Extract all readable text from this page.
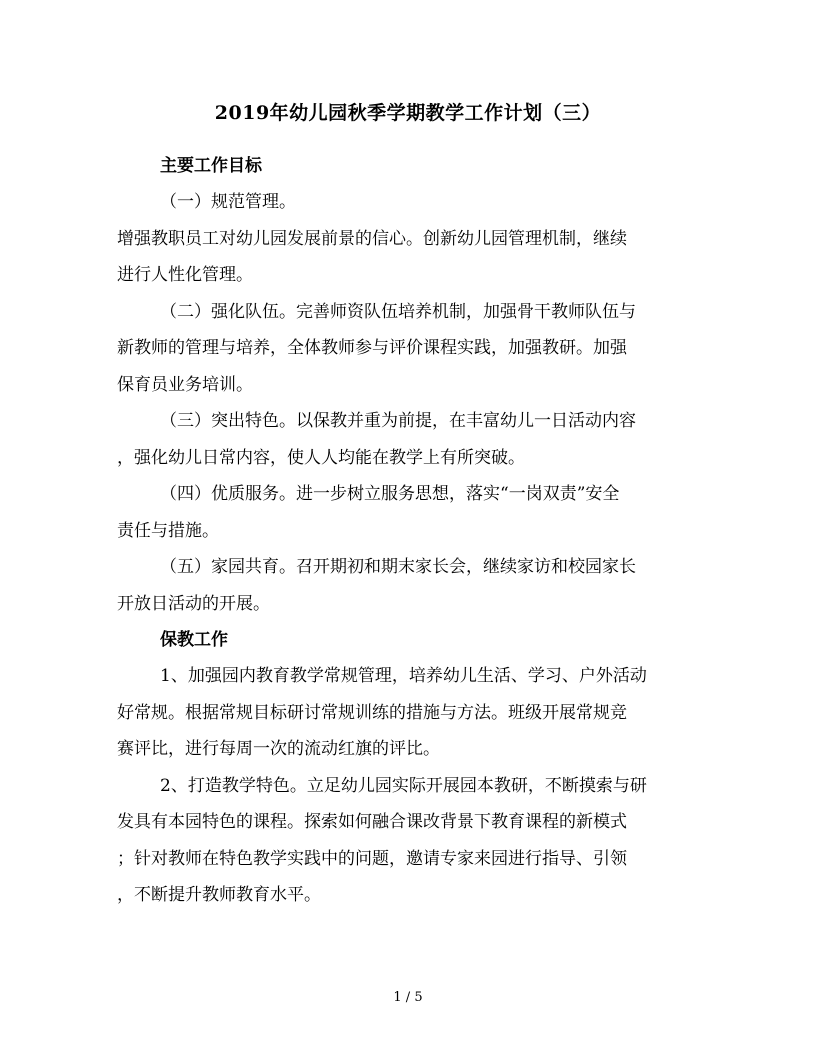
2019年幼儿园秋季学期教学工作计划（三）
主要工作目标
（一）规范管理。
增强教职员工对幼儿园发展前景的信心。创新幼儿园管理机制，继续
进行人性化管理。
（二）强化队伍。完善师资队伍培养机制，加强骨干教师队伍与
新教师的管理与培养，全体教师参与评价课程实践，加强教研。加强
保育员业务培训。
（三）突出特色。以保教并重为前提，在丰富幼儿一日活动内容
，强化幼儿日常内容，使人人均能在教学上有所突破。
（四）优质服务。进一步树立服务思想，落实“一岗双责”安全
责任与措施。
（五）家园共育。召开期初和期末家长会，继续家访和校园家长
开放日活动的开展。
保教工作
1、加强园内教育教学常规管理，培养幼儿生活、学习、户外活动
好常规。根据常规目标研讨常规训练的措施与方法。班级开展常规竞
赛评比，进行每周一次的流动红旗的评比。
2、打造教学特色。立足幼儿园实际开展园本教研，不断摸索与研
发具有本园特色的课程。探索如何融合课改背景下教育课程的新模式
；针对教师在特色教学实践中的问题，邀请专家来园进行指导、引领
，不断提升教师教育水平。
1 / 5
